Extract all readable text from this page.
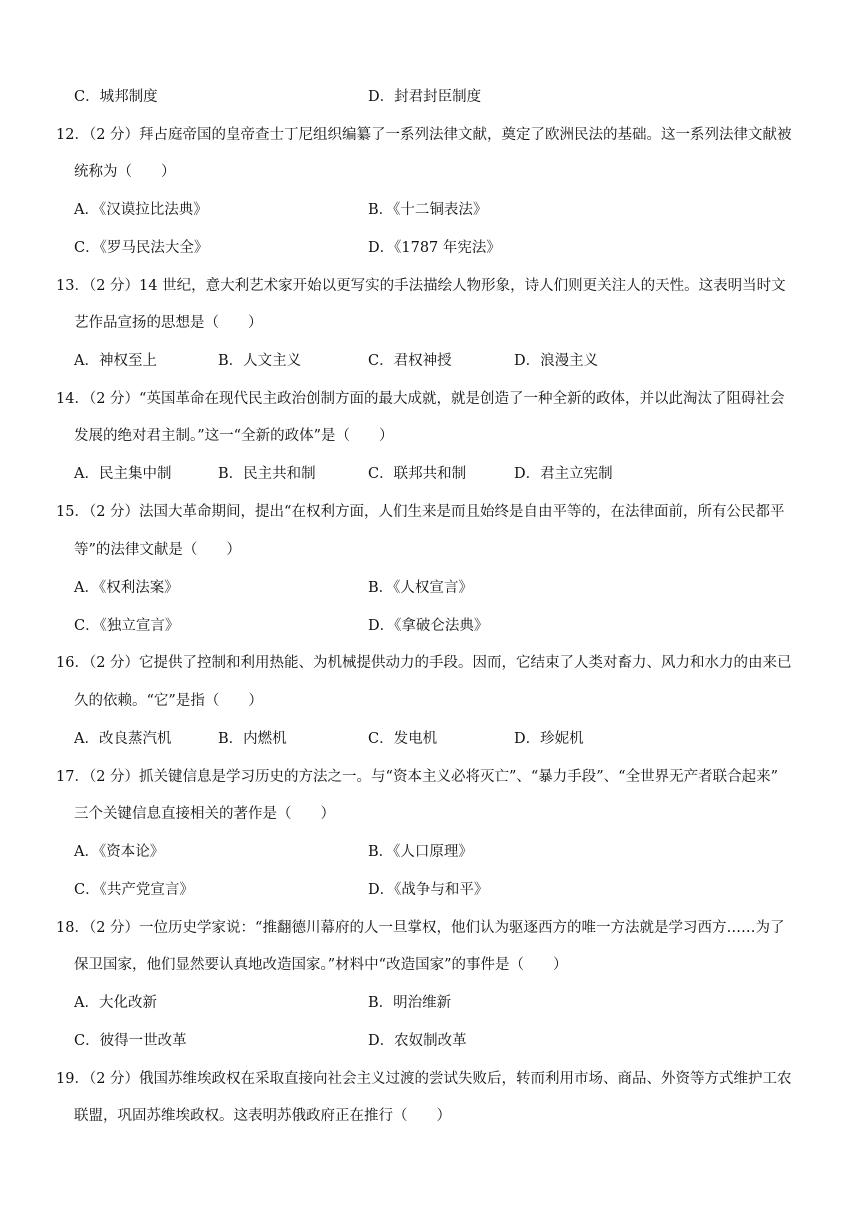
C．城邦制度	D．封君封臣制度
12．（2 分）拜占庭帝国的皇帝查士丁尼组织编纂了一系列法律文献，奠定了欧洲民法的基础。这一系列法律文献被
统称为（　　）
A．《汉谟拉比法典》	B．《十二铜表法》
C．《罗马民法大全》	D．《1787 年宪法》
13．（2 分）14 世纪，意大利艺术家开始以更写实的手法描绘人物形象，诗人们则更关注人的天性。这表明当时文
艺作品宣扬的思想是（　　）
A．神权至上	B．人文主义	C．君权神授	D．浪漫主义
14．（2 分）“英国革命在现代民主政治创制方面的最大成就，就是创造了一种全新的政体，并以此淘汰了阻碍社会
发展的绝对君主制。”这一“全新的政体”是（　　）
A．民主集中制	B．民主共和制	C．联邦共和制	D．君主立宪制
15．（2 分）法国大革命期间，提出“在权利方面，人们生来是而且始终是自由平等的，在法律面前，所有公民都平
等”的法律文献是（　　）
A．《权利法案》	B．《人权宣言》
C．《独立宣言》	D．《拿破仑法典》
16．（2 分）它提供了控制和利用热能、为机械提供动力的手段。因而，它结束了人类对畜力、风力和水力的由来已
久的依赖。“它”是指（　　）
A．改良蒸汽机	B．内燃机	C．发电机	D．珍妮机
17．（2 分）抓关键信息是学习历史的方法之一。与“资本主义必将灭亡”、“暴力手段”、“全世界无产者联合起来”
三个关键信息直接相关的著作是（　　）
A．《资本论》	B．《人口原理》
C．《共产党宣言》	D．《战争与和平》
18．（2 分）一位历史学家说：“推翻德川幕府的人一旦掌权，他们认为驱逐西方的唯一方法就是学习西方……为了
保卫国家，他们显然要认真地改造国家。”材料中“改造国家”的事件是（　　）
A．大化改新	B．明治维新
C．彼得一世改革	D．农奴制改革
19．（2 分）俄国苏维埃政权在采取直接向社会主义过渡的尝试失败后，转而利用市场、商品、外资等方式维护工农
联盟，巩固苏维埃政权。这表明苏俄政府正在推行（　　）
